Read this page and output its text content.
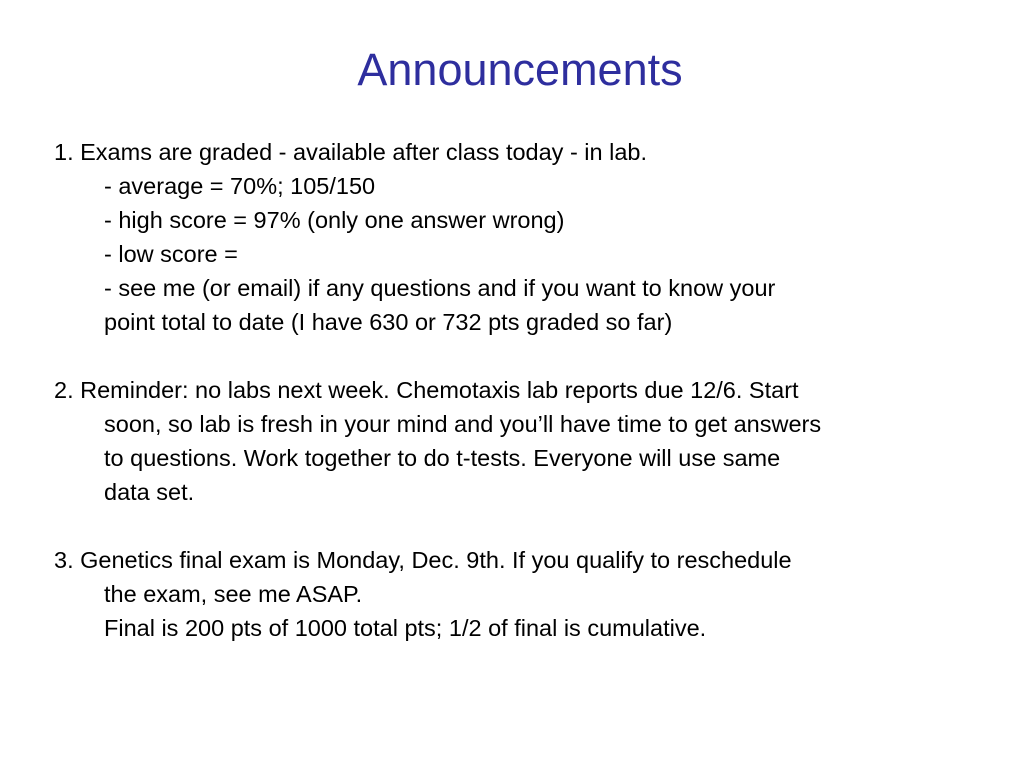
Announcements
1. Exams are graded - available after class today - in lab.
- average = 70%; 105/150
- high score = 97% (only one answer wrong)
- low score =
- see me (or email) if any questions and if you want to know your
point total to date (I have 630 or 732 pts graded so far)
2. Reminder: no labs next week. Chemotaxis lab reports due 12/6. Start
soon, so lab is fresh in your mind and you’ll have time to get answers
to questions. Work together to do t-tests. Everyone will use same
data set.
3. Genetics final exam is Monday, Dec. 9th. If you qualify to reschedule
the exam, see me ASAP.
Final is 200 pts of 1000 total pts; 1/2 of final is cumulative.
